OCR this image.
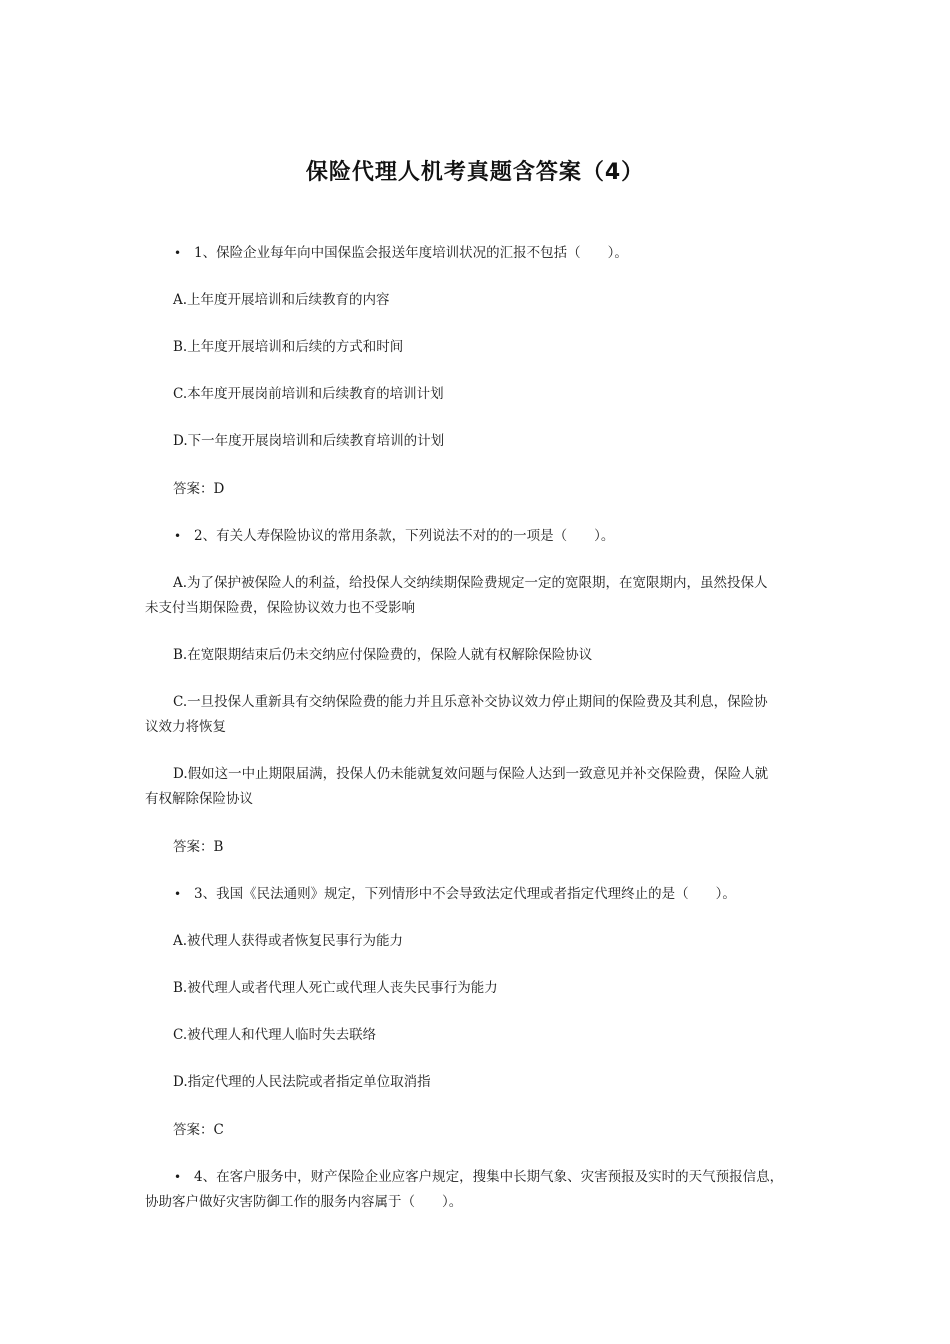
保险代理人机考真题含答案（4）
• 1、保险企业每年向中国保监会报送年度培训状况的汇报不包括（　　）。
A.上年度开展培训和后续教育的内容
B.上年度开展培训和后续的方式和时间
C.本年度开展岗前培训和后续教育的培训计划
D.下一年度开展岗培训和后续教育培训的计划
答案：D
• 2、有关人寿保险协议的常用条款，下列说法不对的的一项是（　　）。
A.为了保护被保险人的利益，给投保人交纳续期保险费规定一定的宽限期，在宽限期内，虽然投保人
未支付当期保险费，保险协议效力也不受影响
B.在宽限期结束后仍未交纳应付保险费的，保险人就有权解除保险协议
C.一旦投保人重新具有交纳保险费的能力并且乐意补交协议效力停止期间的保险费及其利息，保险协
议效力将恢复
D.假如这一中止期限届满，投保人仍未能就复效问题与保险人达到一致意见并补交保险费，保险人就
有权解除保险协议
答案：B
• 3、我国《民法通则》规定，下列情形中不会导致法定代理或者指定代理终止的是（　　）。
A.被代理人获得或者恢复民事行为能力
B.被代理人或者代理人死亡或代理人丧失民事行为能力
C.被代理人和代理人临时失去联络
D.指定代理的人民法院或者指定单位取消指
答案：C
• 4、在客户服务中，财产保险企业应客户规定，搜集中长期气象、灾害预报及实时的天气预报信息，
协助客户做好灾害防御工作的服务内容属于（　　）。
